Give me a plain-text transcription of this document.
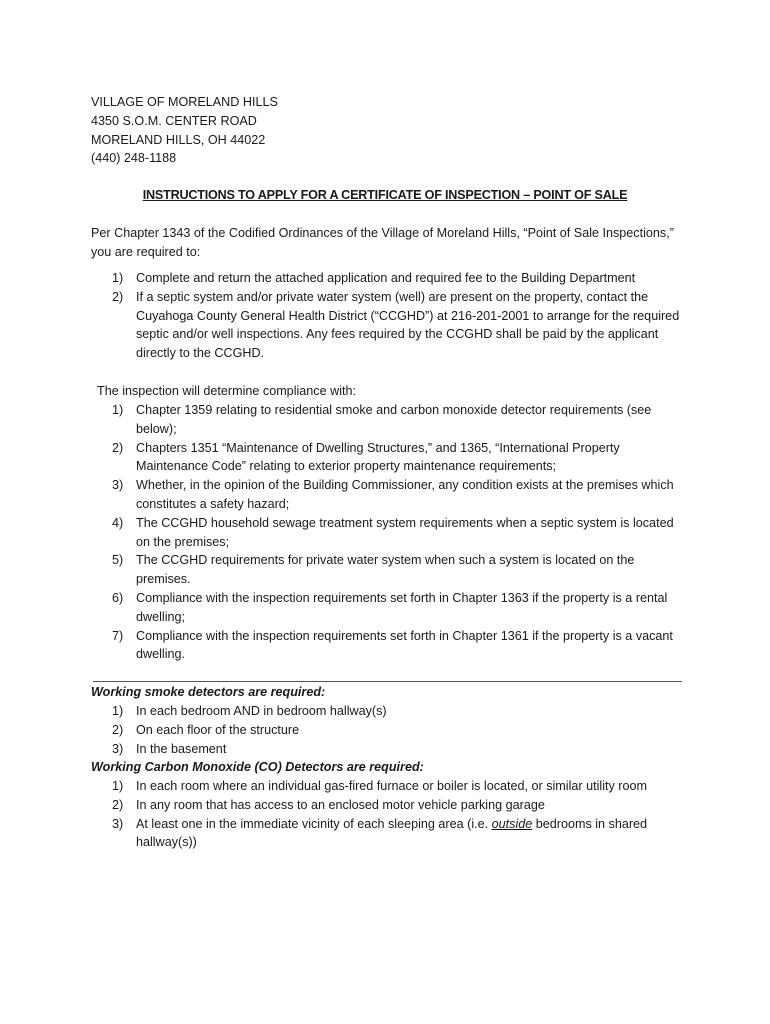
VILLAGE OF MORELAND HILLS
4350 S.O.M. CENTER ROAD
MORELAND HILLS, OH 44022
(440) 248-1188
INSTRUCTIONS TO APPLY FOR A CERTIFICATE OF INSPECTION – POINT OF SALE
Per Chapter 1343 of the Codified Ordinances of the Village of Moreland Hills, “Point of Sale Inspections,” you are required to:
1) Complete and return the attached application and required fee to the Building Department
2) If a septic system and/or private water system (well) are present on the property, contact the Cuyahoga County General Health District (“CCGHD”) at 216-201-2001 to arrange for the required septic and/or well inspections. Any fees required by the CCGHD shall be paid by the applicant directly to the CCGHD.
The inspection will determine compliance with:
1) Chapter 1359 relating to residential smoke and carbon monoxide detector requirements (see below);
2) Chapters 1351 “Maintenance of Dwelling Structures,” and 1365, “International Property Maintenance Code” relating to exterior property maintenance requirements;
3) Whether, in the opinion of the Building Commissioner, any condition exists at the premises which constitutes a safety hazard;
4) The CCGHD household sewage treatment system requirements when a septic system is located on the premises;
5) The CCGHD requirements for private water system when such a system is located on the premises.
6) Compliance with the inspection requirements set forth in Chapter 1363 if the property is a rental dwelling;
7) Compliance with the inspection requirements set forth in Chapter 1361 if the property is a vacant dwelling.
Working smoke detectors are required:
1) In each bedroom AND in bedroom hallway(s)
2) On each floor of the structure
3) In the basement
Working Carbon Monoxide (CO) Detectors are required:
1) In each room where an individual gas-fired furnace or boiler is located, or similar utility room
2) In any room that has access to an enclosed motor vehicle parking garage
3) At least one in the immediate vicinity of each sleeping area (i.e. outside bedrooms in shared hallway(s))
